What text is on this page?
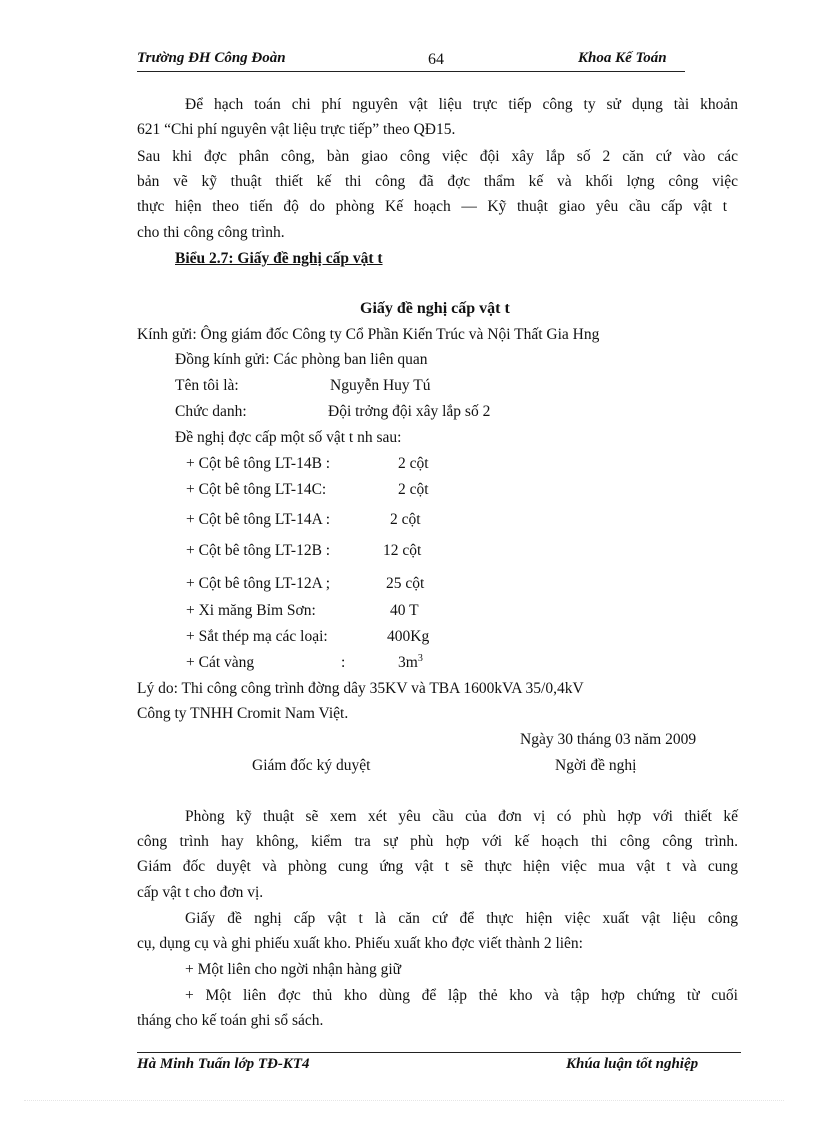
Trường ĐH Công Đoàn	64	Khoa Kế Toán
Để hạch toán chi phí nguyên vật liệu trực tiếp công ty sử dụng tài khoản
621 “Chi phí nguyên vật liệu trực tiếp” theo QĐ15.
Sau khi đợc phân công, bàn giao công việc đội xây lắp số 2 căn cứ vào các
bản vẽ kỹ thuật thiết kế thi công đã đợc thẩm kế và khối lợng công việc
thực hiện theo tiến độ do phòng Kế hoạch — Kỹ thuật giao yêu cầu cấp vật t
cho thi công công trình.
Biểu 2.7: Giấy đề nghị cấp vật t
Giấy đề nghị cấp vật t
Kính gửi: Ông giám đốc Công ty Cổ Phần Kiến Trúc và Nội Thất Gia Hng
Đồng kính gửi: Các phòng ban liên quan
Tên tôi là:	Nguyễn Huy Tú
Chức danh:	Đội trởng đội xây lắp số 2
Đề nghị đợc cấp một số vật t nh sau:
+ Cột bê tông LT-14B :	2 cột
+ Cột bê tông LT-14C:	2 cột
+ Cột bê tông LT-14A :	2 cột
+ Cột bê tông LT-12B :	12 cột
+ Cột bê tông LT-12A ;	25 cột
+ Xi măng Bỉm Sơn:	40 T
+ Sắt thép mạ các loại:	400Kg
+ Cát vàng	:	$3m^3$
Lý do: Thi công công trình đờng dây 35KV và TBA 1600kVA 35/0,4kV
Công ty TNHH Cromit Nam Việt.
Ngày 30 tháng 03 năm 2009
Giám đốc ký duyệt	Ngời đề nghị
Phòng kỹ thuật sẽ xem xét yêu cầu của đơn vị có phù hợp với thiết kế
công trình hay không, kiểm tra sự phù hợp với kế hoạch thi công công trình.
Giám đốc duyệt và phòng cung ứng vật t sẽ thực hiện việc mua vật t và cung
cấp vật t cho đơn vị.
Giấy đề nghị cấp vật t là căn cứ để thực hiện việc xuất vật liệu công
cụ, dụng cụ và ghi phiếu xuất kho. Phiếu xuất kho đợc viết thành 2 liên:
+ Một liên cho ngời nhận hàng giữ
+ Một liên đợc thủ kho dùng để lập thẻ kho và tập hợp chứng từ cuối
tháng cho kế toán ghi sổ sách.
Hà Minh Tuấn lớp TĐ-KT4	Khúa luận tốt nghiệp
